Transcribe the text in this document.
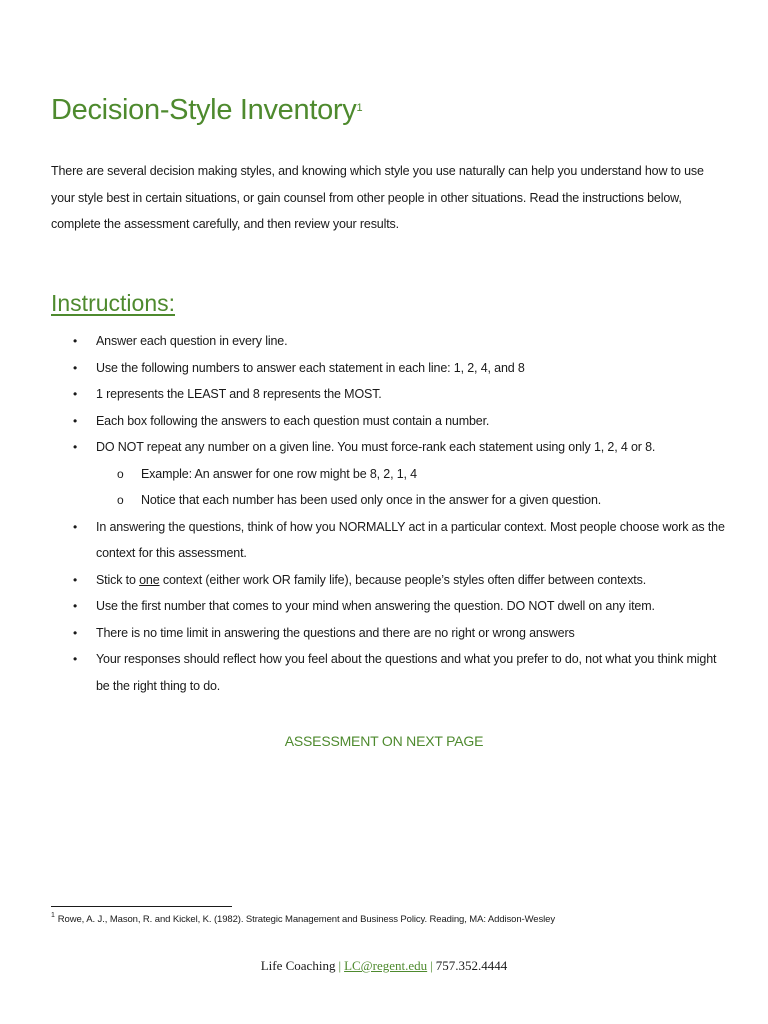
Decision-Style Inventory$^1$

There are several decision making styles, and knowing which style you use naturally can help you understand how to use your style best in certain situations, or gain counsel from other people in other situations. Read the instructions below, complete the assessment carefully, and then review your results.

Instructions:
• Answer each question in every line.
• Use the following numbers to answer each statement in each line: 1, 2, 4, and 8
• 1 represents the LEAST and 8 represents the MOST.
• Each box following the answers to each question must contain a number.
• DO NOT repeat any number on a given line. You must force-rank each statement using only 1, 2, 4 or 8.
o Example: An answer for one row might be 8, 2, 1, 4
o Notice that each number has been used only once in the answer for a given question.
• In answering the questions, think of how you NORMALLY act in a particular context. Most people choose work as the context for this assessment.
• Stick to one context (either work OR family life), because people’s styles often differ between contexts.
• Use the first number that comes to your mind when answering the question. DO NOT dwell on any item.
• There is no time limit in answering the questions and there are no right or wrong answers
• Your responses should reflect how you feel about the questions and what you prefer to do, not what you think might be the right thing to do.

ASSESSMENT ON NEXT PAGE

$^1$ Rowe, A. J., Mason, R. and Kickel, K. (1982). Strategic Management and Business Policy. Reading, MA: Addison-Wesley

Life Coaching | LC@regent.edu | 757.352.4444
